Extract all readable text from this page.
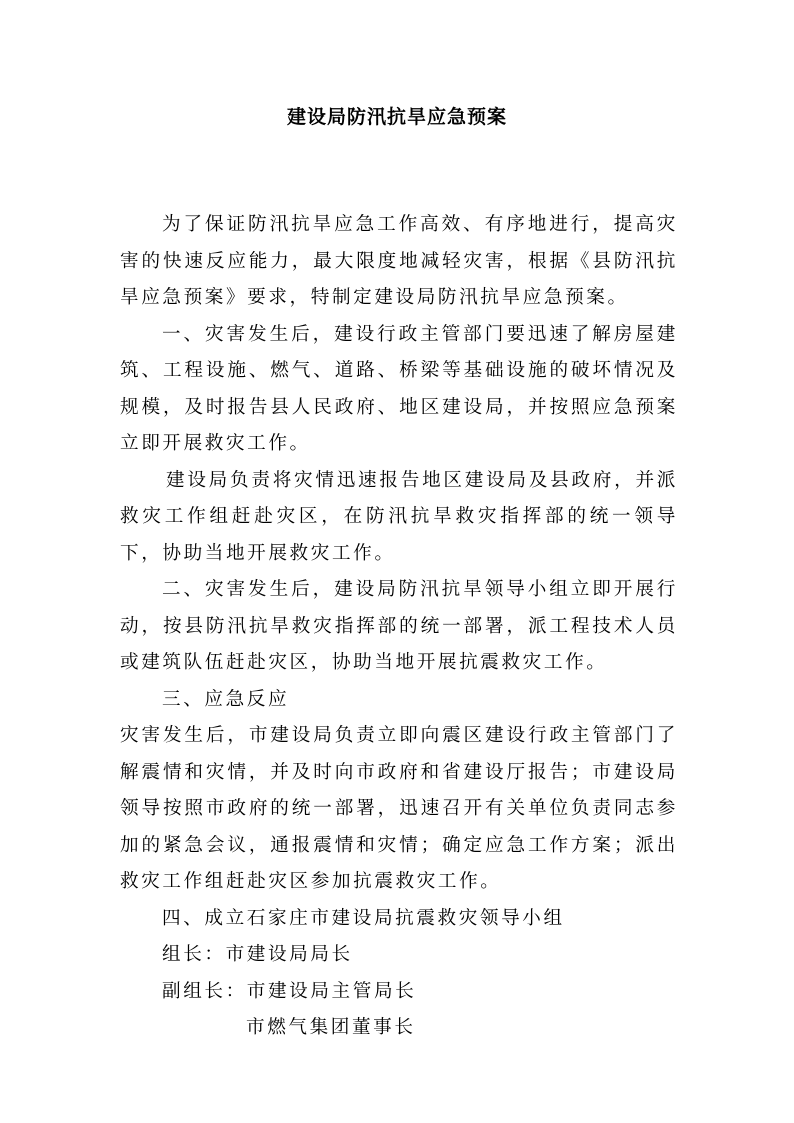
建设局防汛抗旱应急预案

为了保证防汛抗旱应急工作高效、有序地进行，提高灾害的快速反应能力，最大限度地减轻灾害，根据《县防汛抗旱应急预案》要求，特制定建设局防汛抗旱应急预案。

一、灾害发生后，建设行政主管部门要迅速了解房屋建筑、工程设施、燃气、道路、桥梁等基础设施的破坏情况及规模，及时报告县人民政府、地区建设局，并按照应急预案立即开展救灾工作。

建设局负责将灾情迅速报告地区建设局及县政府，并派救灾工作组赶赴灾区，在防汛抗旱救灾指挥部的统一领导下，协助当地开展救灾工作。

二、灾害发生后，建设局防汛抗旱领导小组立即开展行动，按县防汛抗旱救灾指挥部的统一部署，派工程技术人员或建筑队伍赶赴灾区，协助当地开展抗震救灾工作。

三、应急反应

灾害发生后，市建设局负责立即向震区建设行政主管部门了解震情和灾情，并及时向市政府和省建设厅报告；市建设局领导按照市政府的统一部署，迅速召开有关单位负责同志参加的紧急会议，通报震情和灾情；确定应急工作方案；派出救灾工作组赶赴灾区参加抗震救灾工作。

四、成立石家庄市建设局抗震救灾领导小组

组长：市建设局局长

副组长：市建设局主管局长

市燃气集团董事长
